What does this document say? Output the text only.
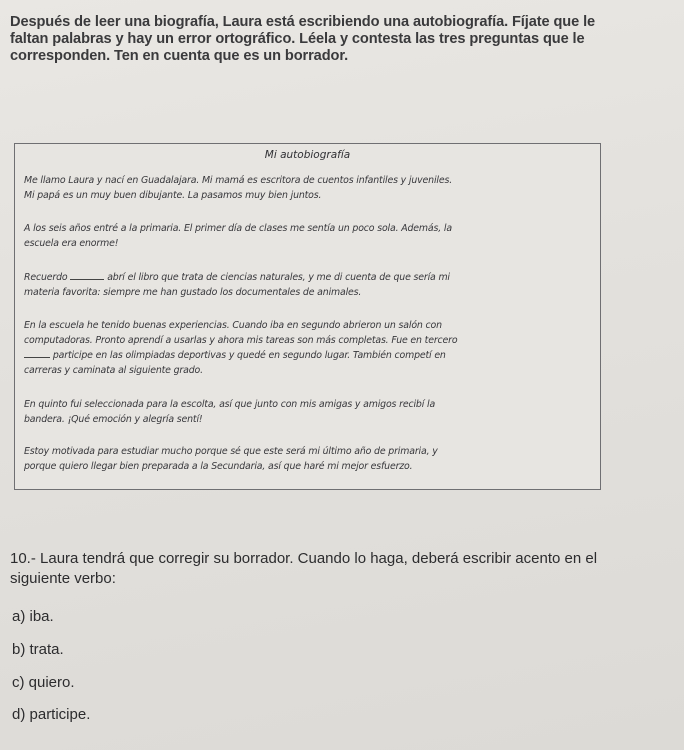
Después de leer una biografía, Laura está escribiendo una autobiografía. Fíjate que le

faltan palabras y hay un error ortográfico. Léela y contesta las tres preguntas que le

corresponden. Ten en cuenta que es un borrador.

Mi autobiografía

Me llamo Laura y nací en Guadalajara. Mi mamá es escritora de cuentos infantiles y juveniles.

Mi papá es un muy buen dibujante. La pasamos muy bien juntos.

A los seis años entré a la primaria. El primer día de clases me sentía un poco sola. Además, la

escuela era enorme!

Recuerdo	abrí el libro que trata de ciencias naturales, y me di cuenta de que sería mi

materia favorita: siempre me han gustado los documentales de animales.

En la escuela he tenido buenas experiencias. Cuando iba en segundo abrieron un salón con

computadoras. Pronto aprendí a usarlas y ahora mis tareas son más completas. Fue en tercero

participe en las olimpiadas deportivas y quedé en segundo lugar. También competí en

carreras y caminata al siguiente grado.

En quinto fui seleccionada para la escolta, así que junto con mis amigas y amigos recibí la

bandera. ¡Qué emoción y alegría sentí!

Estoy motivada para estudiar mucho porque sé que este será mi último año de primaria, y

porque quiero llegar bien preparada a la Secundaria, así que haré mi mejor esfuerzo.

10.- Laura tendrá que corregir su borrador. Cuando lo haga, deberá escribir acento en el

siguiente verbo:

a) iba.
b) trata.
c) quiero.
d) participe.
